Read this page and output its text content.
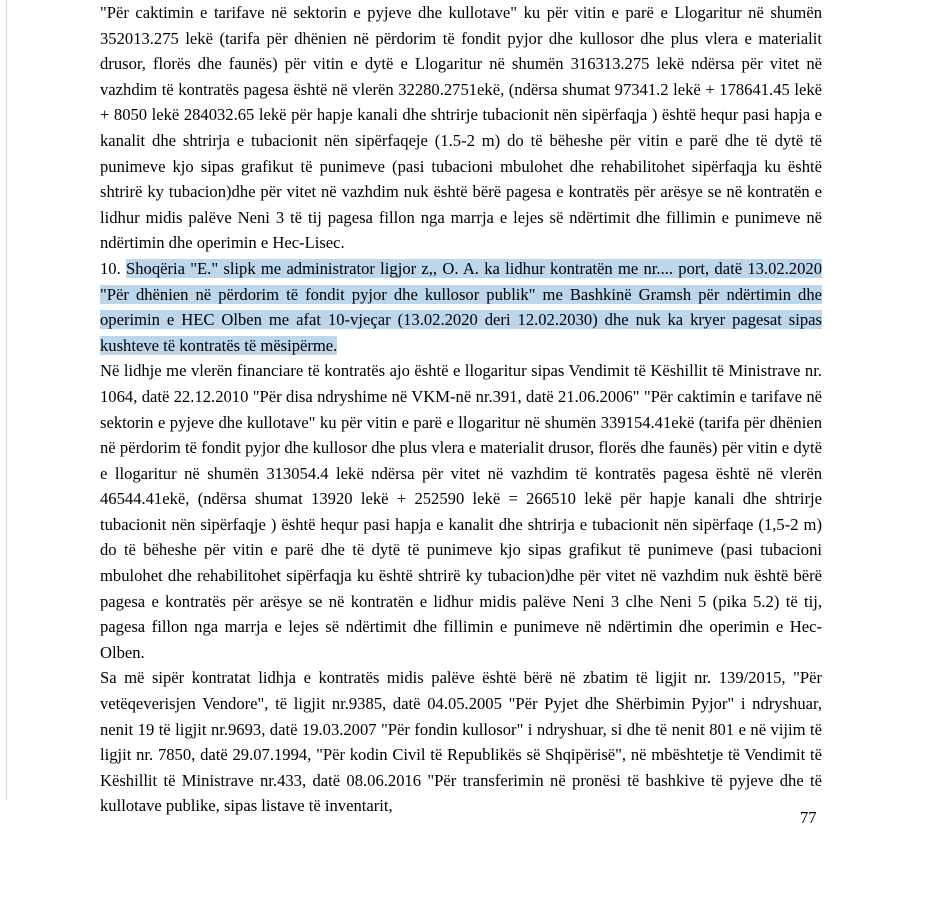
"Për caktimin e tarifave në sektorin e pyjeve dhe kullotave" ku për vitin e parë e Llogaritur në shumën 352013.275 lekë (tarifa për dhënien në përdorim të fondit pyjor dhe kullosor dhe plus vlera e materialit drusor, florës dhe faunës) për vitin e dytë e Llogaritur në shumën 316313.275 lekë ndërsa për vitet në vazhdim të kontratës pagesa është në vlerën 32280.2751ekë, (ndërsa shumat 97341.2 lekë + 178641.45 lekë + 8050 lekë 284032.65 lekë për hapje kanali dhe shtrirje tubacionit nën sipërfaqja ) është hequr pasi hapja e kanalit dhe shtrirja e tubacionit nën sipërfaqeje (1.5-2 m) do të bëheshe për vitin e parë dhe të dytë të punimeve kjo sipas grafikut të punimeve (pasi tubacioni mbulohet dhe rehabilitohet sipërfaqja ku është shtrirë ky tubacion)dhe për vitet në vazhdim nuk është bërë pagesa e kontratës për arësye se në kontratën e lidhur midis palëve Neni 3 të tij pagesa fillon nga marrja e lejes së ndërtimit dhe fillimin e punimeve në ndërtimin dhe operimin e Hec-Lisec.

10. Shoqëria "E." slipk me administrator ligjor z,, O. A. ka lidhur kontratën me nr.... port, datë 13.02.2020 "Për dhënien në përdorim të fondit pyjor dhe kullosor publik" me Bashkinë Gramsh për ndërtimin dhe operimin e HEC Olben me afat 10-vjeçar (13.02.2020 deri 12.02.2030) dhe nuk ka kryer pagesat sipas kushteve të kontratës të mësipërme.

Në lidhje me vlerën financiare të kontratës ajo është e llogaritur sipas Vendimit të Këshillit të Ministrave nr. 1064, datë 22.12.2010 "Për disa ndryshime në VKM-në nr.391, datë 21.06.2006" "Për caktimin e tarifave në sektorin e pyjeve dhe kullotave" ku për vitin e parë e llogaritur në shumën 339154.41ekë (tarifa për dhënien në përdorim të fondit pyjor dhe kullosor dhe plus vlera e materialit drusor, florës dhe faunës) për vitin e dytë e llogaritur në shumën 313054.4 lekë ndërsa për vitet në vazhdim të kontratës pagesa është në vlerën 46544.41ekë, (ndërsa shumat 13920 lekë + 252590 lekë = 266510 lekë për hapje kanali dhe shtrirje tubacionit nën sipërfaqje ) është hequr pasi hapja e kanalit dhe shtrirja e tubacionit nën sipërfaqe (1,5-2 m) do të bëheshe për vitin e parë dhe të dytë të punimeve kjo sipas grafikut të punimeve (pasi tubacioni mbulohet dhe rehabilitohet sipërfaqja ku është shtrirë ky tubacion)dhe për vitet në vazhdim nuk është bërë pagesa e kontratës për arësye se në kontratën e lidhur midis palëve Neni 3 clhe Neni 5 (pika 5.2) të tij, pagesa fillon nga marrja e lejes së ndërtimit dhe fillimin e punimeve në ndërtimin dhe operimin e Hec-Olben.

Sa më sipër kontratat lidhja e kontratës midis palëve është bërë në zbatim të ligjit nr. 139/2015, "Për vetëqeverisjen Vendore", të ligjit nr.9385, datë 04.05.2005 "Për Pyjet dhe Shërbimin Pyjor" i ndryshuar, nenit 19 të ligjit nr.9693, datë 19.03.2007 "Për fondin kullosor" i ndryshuar, si dhe të nenit 801 e në vijim të ligjit nr. 7850, datë 29.07.1994, "Për kodin Civil të Republikës së Shqipërisë", në mbështetje të Vendimit të Këshillit të Ministrave nr.433, datë 08.06.2016 "Për transferimin në pronësi të bashkive të pyjeve dhe të kullotave publike, sipas listave të inventarit,

77
